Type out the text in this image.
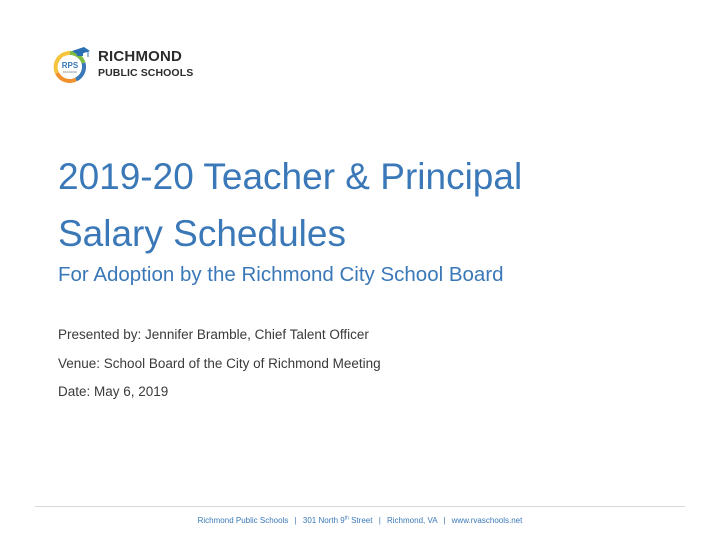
RPS
RICHMOND
RICHMOND
PUBLIC SCHOOLS
2019-20 Teacher & Principal
Salary Schedules

For Adoption by the Richmond City School Board

Presented by: Jennifer Bramble, Chief Talent Officer
Venue: School Board of the City of Richmond Meeting
Date: May 6, 2019
Richmond Public Schools | 301 North 9th Street | Richmond, VA | www.rvaschools.net
